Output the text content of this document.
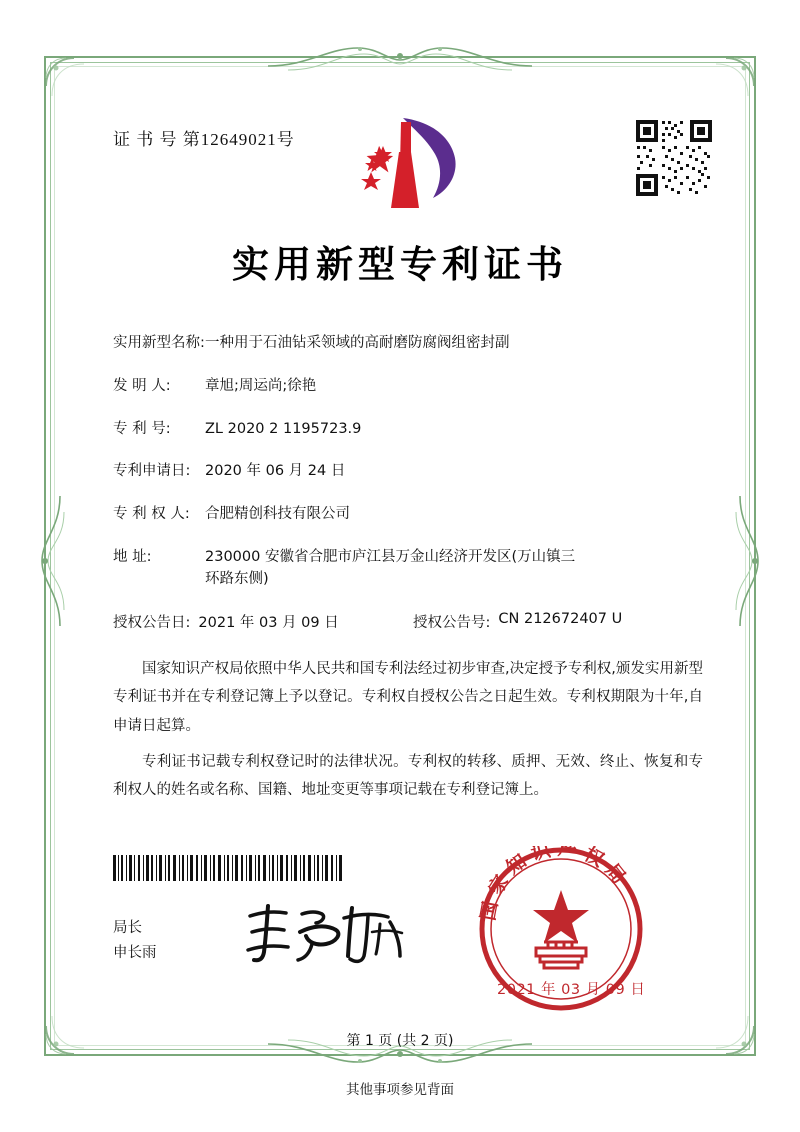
证 书 号 第12649021号
实用新型专利证书
实用新型名称: 一种用于石油钻采领域的高耐磨防腐阀组密封副
发 明 人:	章旭;周运尚;徐艳
专 利 号:	ZL 2020 2 1195723.9
专利申请日:	2020 年 06 月 24 日
专 利 权 人:	合肥精创科技有限公司
地 址:	230000 安徽省合肥市庐江县万金山经济开发区(万山镇三
环路东侧)
授权公告日: 2021 年 03 月 09 日	授权公告号: CN 212672407 U

国家知识产权局依照中华人民共和国专利法经过初步审查,决定授予专利权,颁发实用新型专利证书并在专利登记簿上予以登记。专利权自授权公告之日起生效。专利权期限为十年,自申请日起算。

专利证书记载专利权登记时的法律状况。专利权的转移、质押、无效、终止、恢复和专利权人的姓名或名称、国籍、地址变更等事项记载在专利登记簿上。

局长
申长雨
国家知识产权局
2021 年 03 月 09 日
第 1 页 (共 2 页)
其他事项参见背面
